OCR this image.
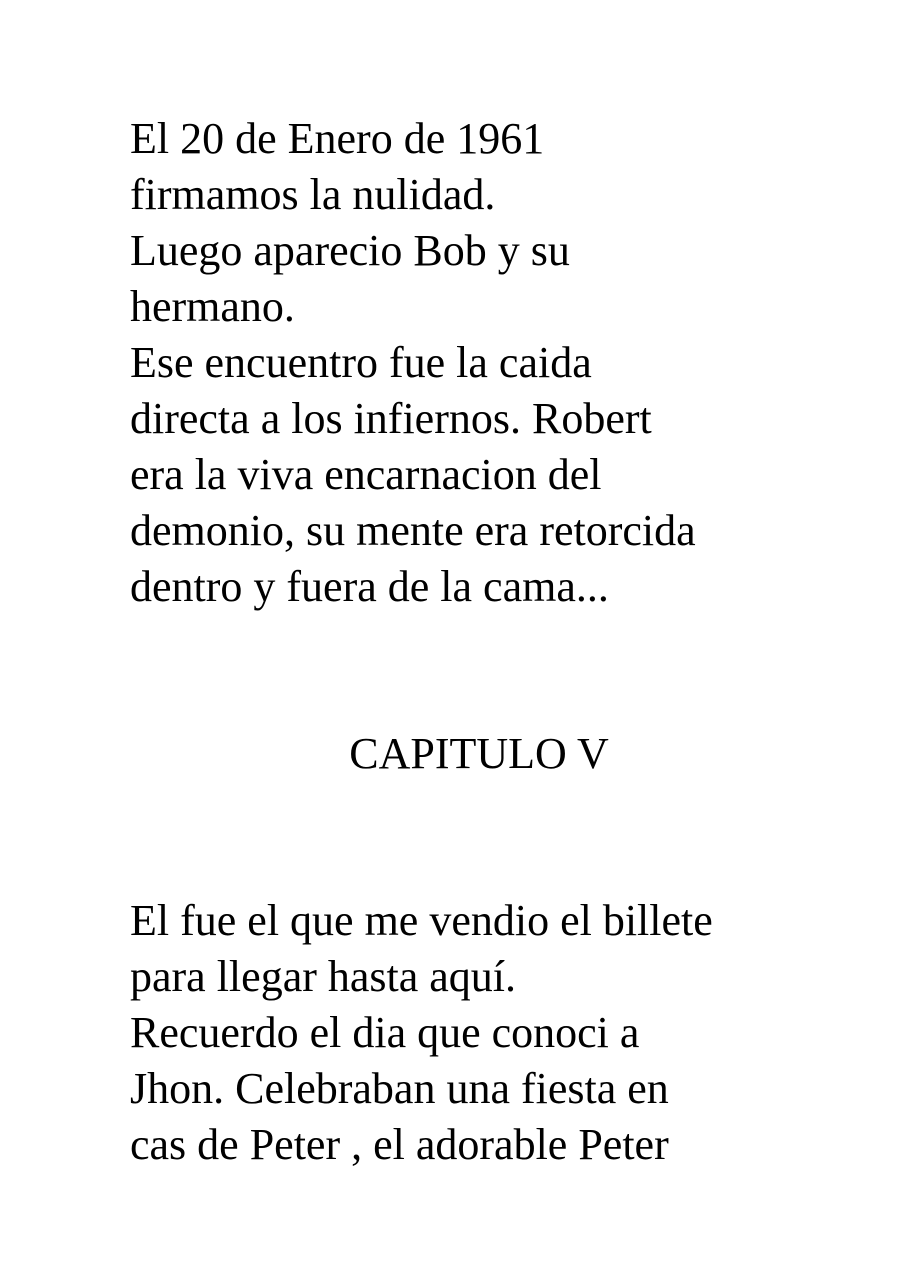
El 20 de Enero de 1961
firmamos la nulidad.
Luego aparecio Bob y su
hermano.
Ese encuentro fue la caida
directa a los infiernos. Robert
era la viva encarnacion del
demonio, su mente era retorcida
dentro y fuera de la cama...
CAPITULO V
El fue el que me vendio el billete
para llegar hasta aquí.
Recuerdo el dia que conoci a
Jhon. Celebraban una fiesta en
cas de Peter , el adorable Peter
